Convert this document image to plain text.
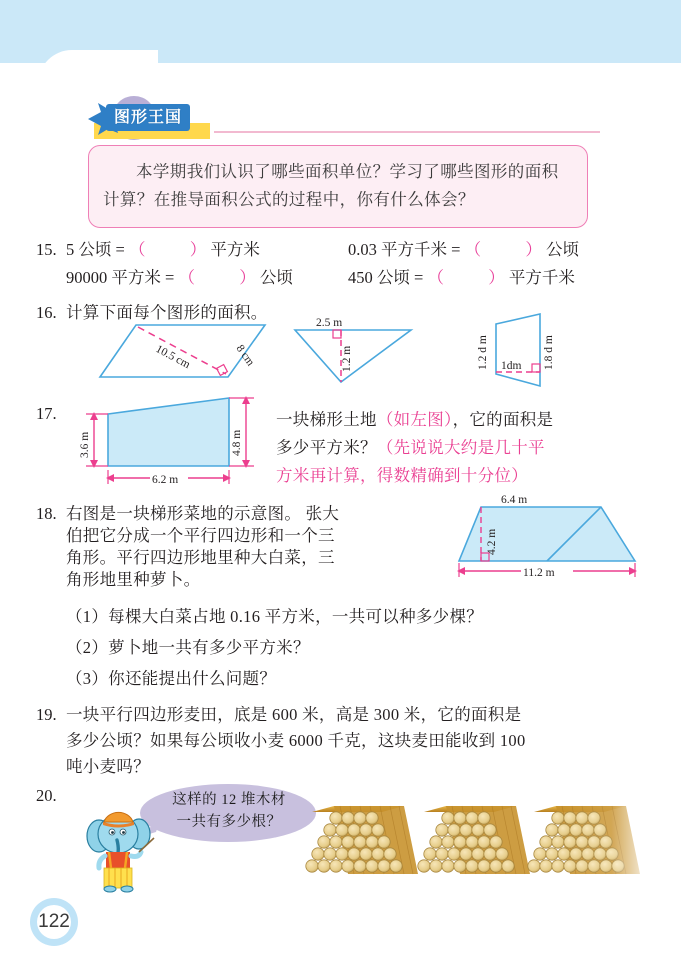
图形王国
本学期我们认识了哪些面积单位？学习了哪些图形的面积计算？在推导面积公式的过程中，你有什么体会？
15. 5 公顷 = （	） 平方米	0.03 平方千米 = （	） 公顷
90000 平方米 = （	） 公顷	450 公顷 = （	） 平方千米
16. 计算下面每个图形的面积。
10.5 cm	8 cm
2.5 m
1.2 m	1.2 d m 1dm 1.8 d m
17.
3.6 m	4.8 m
6.2 m
一块梯形土地（如左图），它的面积是
多少平方米？（先说说大约是几十平
方米再计算，得数精确到十分位）
18. 右图是一块梯形菜地的示意图。 张大
伯把它分成一个平行四边形和一个三
角形。平行四边形地里种大白菜，三
角形地里种萝卜。
6.4 m
4.2 m
11.2 m
（1）每棵大白菜占地 0.16 平方米，一共可以种多少棵？
（2）萝卜地一共有多少平方米？
（3）你还能提出什么问题？
19. 一块平行四边形麦田，底是 600 米，高是 300 米，它的面积是
多少公顷？如果每公顷收小麦 6000 千克，这块麦田能收到 100
吨小麦吗？
20.	这样的 12 堆木材
一共有多少根？
122
